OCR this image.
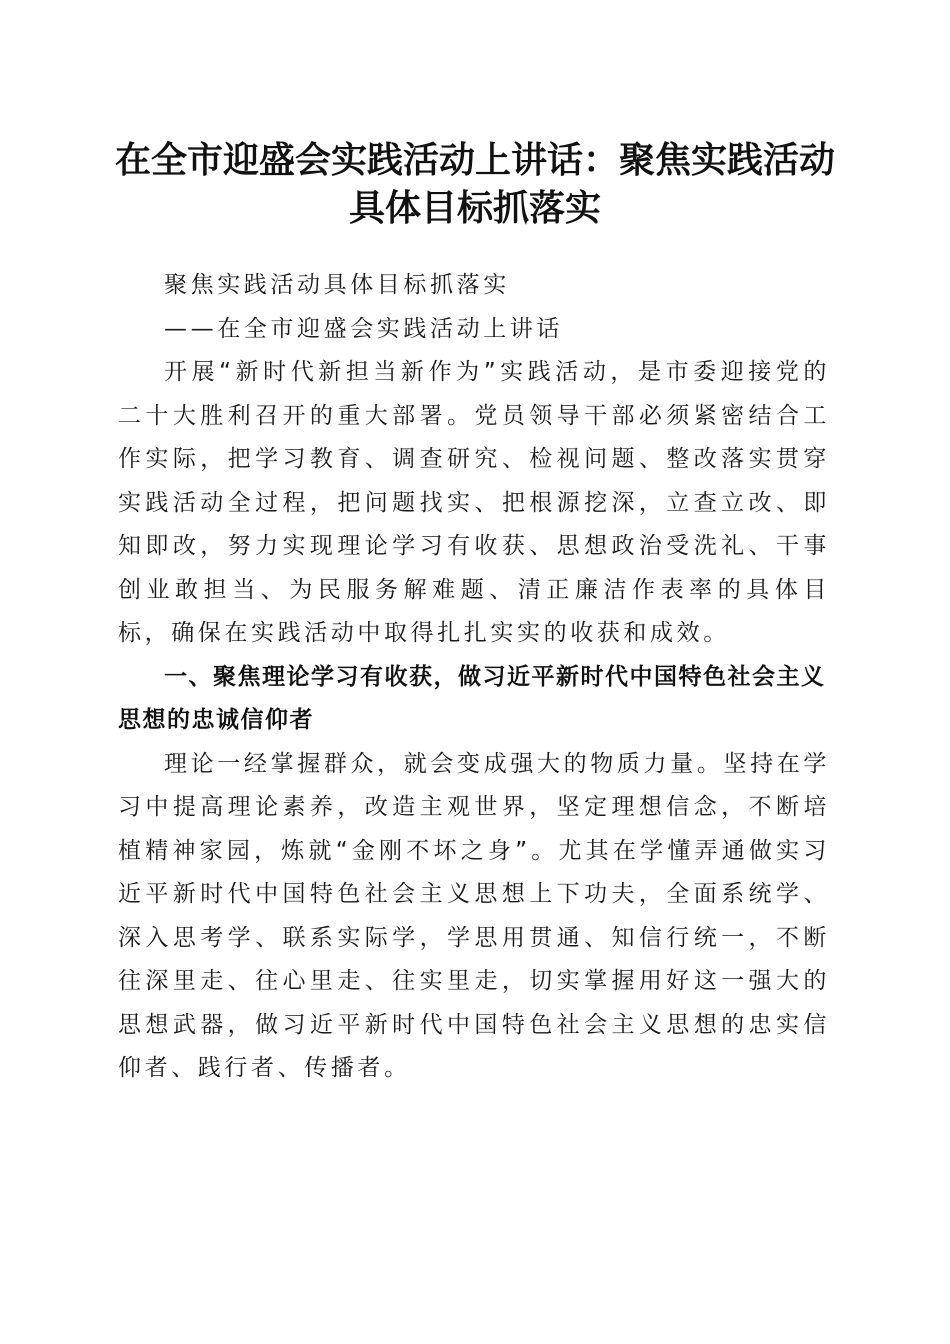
在全市迎盛会实践活动上讲话：聚焦实践活动具体目标抓落实

聚焦实践活动具体目标抓落实

——在全市迎盛会实践活动上讲话

开展“新时代新担当新作为”实践活动，是市委迎接党的二十大胜利召开的重大部署。党员领导干部必须紧密结合工作实际，把学习教育、调查研究、检视问题、整改落实贯穿实践活动全过程，把问题找实、把根源挖深，立查立改、即知即改，努力实现理论学习有收获、思想政治受洗礼、干事创业敢担当、为民服务解难题、清正廉洁作表率的具体目标，确保在实践活动中取得扎扎实实的收获和成效。

一、聚焦理论学习有收获，做习近平新时代中国特色社会主义思想的忠诚信仰者

理论一经掌握群众，就会变成强大的物质力量。坚持在学习中提高理论素养，改造主观世界，坚定理想信念，不断培植精神家园，炼就“金刚不坏之身”。尤其在学懂弄通做实习近平新时代中国特色社会主义思想上下功夫，全面系统学、深入思考学、联系实际学，学思用贯通、知信行统一，不断往深里走、往心里走、往实里走，切实掌握用好这一强大的思想武器，做习近平新时代中国特色社会主义思想的忠实信仰者、践行者、传播者。
